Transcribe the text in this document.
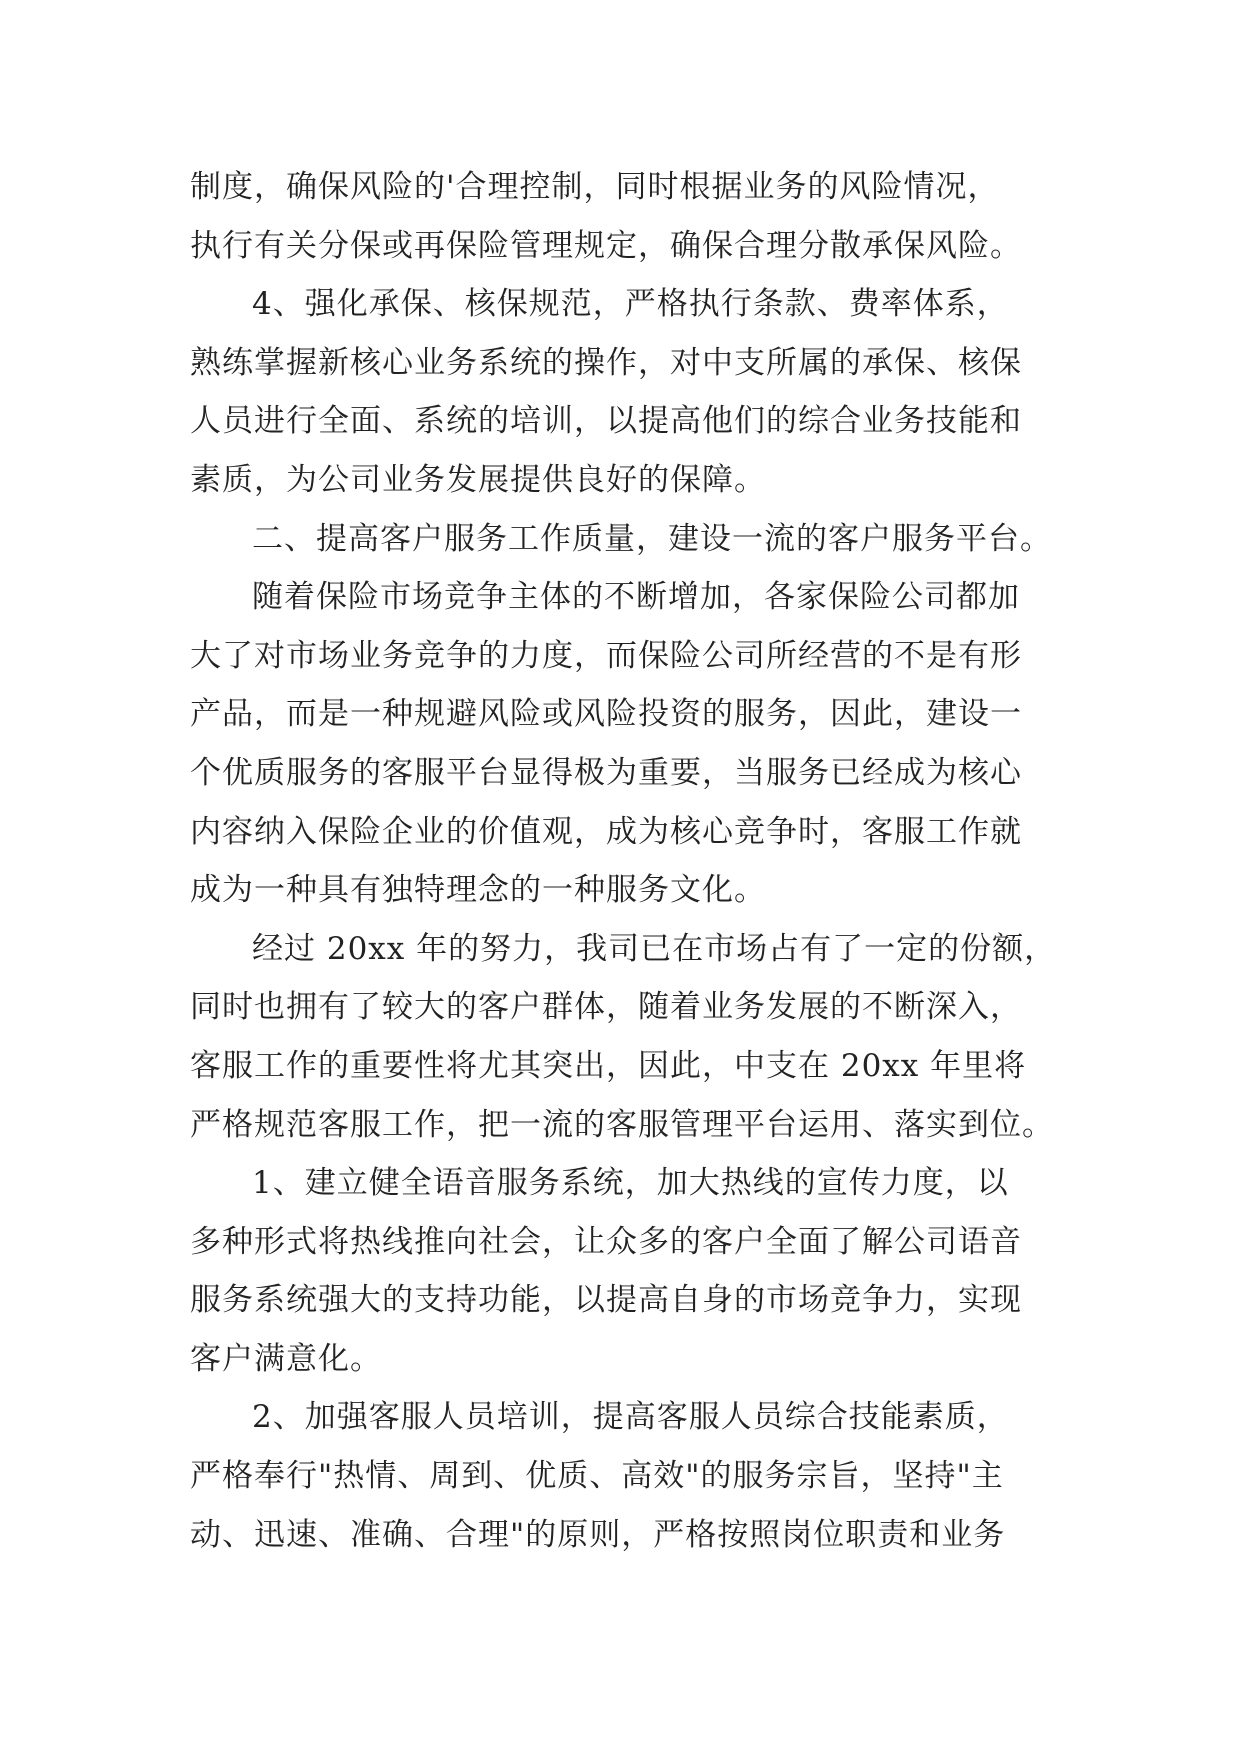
制度，确保风险的'合理控制，同时根据业务的风险情况，
执行有关分保或再保险管理规定，确保合理分散承保风险。
4、强化承保、核保规范，严格执行条款、费率体系，
熟练掌握新核心业务系统的操作，对中支所属的承保、核保
人员进行全面、系统的培训，以提高他们的综合业务技能和
素质，为公司业务发展提供良好的保障。
二、提高客户服务工作质量，建设一流的客户服务平台。
随着保险市场竞争主体的不断增加，各家保险公司都加
大了对市场业务竞争的力度，而保险公司所经营的不是有形
产品，而是一种规避风险或风险投资的服务，因此，建设一
个优质服务的客服平台显得极为重要，当服务已经成为核心
内容纳入保险企业的价值观，成为核心竞争时，客服工作就
成为一种具有独特理念的一种服务文化。
经过 20xx 年的努力，我司已在市场占有了一定的份额，
同时也拥有了较大的客户群体，随着业务发展的不断深入，
客服工作的重要性将尤其突出，因此，中支在 20xx 年里将
严格规范客服工作，把一流的客服管理平台运用、落实到位。
1、建立健全语音服务系统，加大热线的宣传力度，以
多种形式将热线推向社会，让众多的客户全面了解公司语音
服务系统强大的支持功能，以提高自身的市场竞争力，实现
客户满意化。
2、加强客服人员培训，提高客服人员综合技能素质，
严格奉行"热情、周到、优质、高效"的服务宗旨，坚持"主
动、迅速、准确、合理"的原则，严格按照岗位职责和业务
